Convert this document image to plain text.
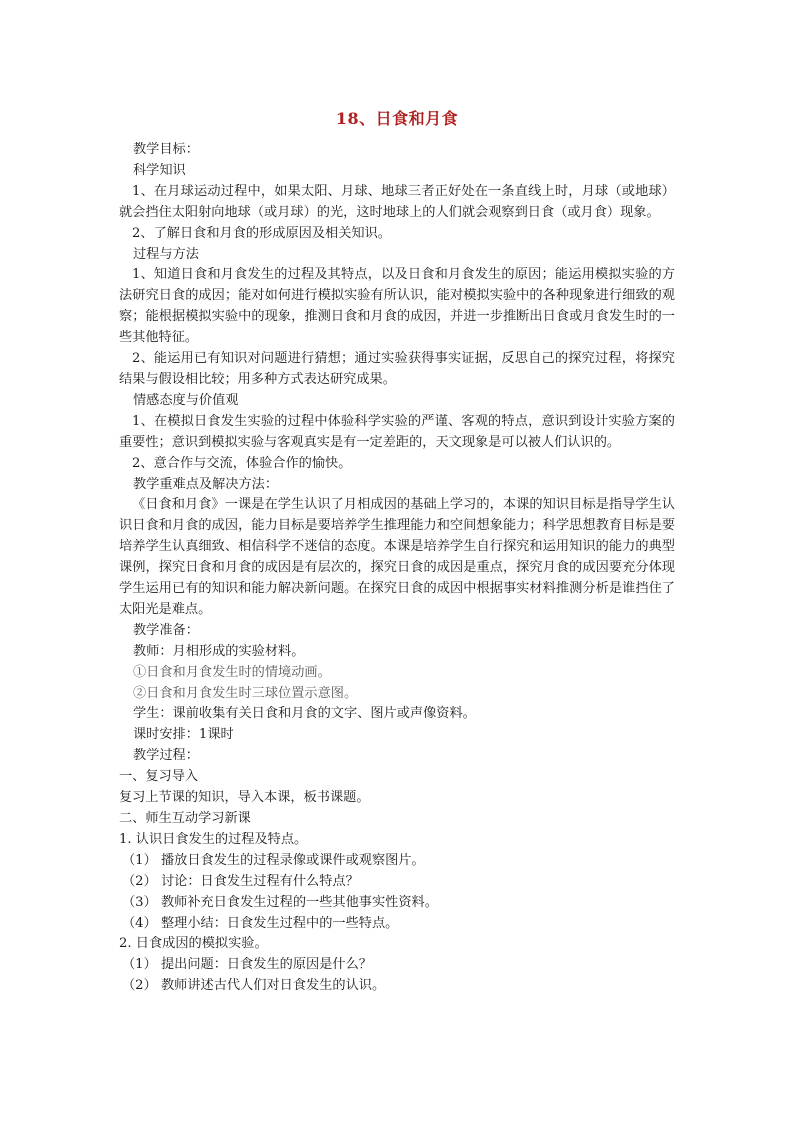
18、日食和月食

教学目标：

科学知识

1、在月球运动过程中，如果太阳、月球、地球三者正好处在一条直线上时，月球（或地球）就会挡住太阳射向地球（或月球）的光，这时地球上的人们就会观察到日食（或月食）现象。

2、了解日食和月食的形成原因及相关知识。

过程与方法

1、知道日食和月食发生的过程及其特点，以及日食和月食发生的原因；能运用模拟实验的方法研究日食的成因；能对如何进行模拟实验有所认识，能对模拟实验中的各种现象进行细致的观察；能根据模拟实验中的现象，推测日食和月食的成因，并进一步推断出日食或月食发生时的一些其他特征。

2、能运用已有知识对问题进行猜想；通过实验获得事实证据，反思自己的探究过程，将探究结果与假设相比较；用多种方式表达研究成果。

情感态度与价值观

1、在模拟日食发生实验的过程中体验科学实验的严谨、客观的特点，意识到设计实验方案的重要性；意识到模拟实验与客观真实是有一定差距的，天文现象是可以被人们认识的。

2、意合作与交流，体验合作的愉快。

教学重难点及解决方法：

《日食和月食》一课是在学生认识了月相成因的基础上学习的，本课的知识目标是指导学生认识日食和月食的成因，能力目标是要培养学生推理能力和空间想象能力；科学思想教育目标是要培养学生认真细致、相信科学不迷信的态度。本课是培养学生自行探究和运用知识的能力的典型课例，探究日食和月食的成因是有层次的，探究日食的成因是重点，探究月食的成因要充分体现学生运用已有的知识和能力解决新问题。在探究日食的成因中根据事实材料推测分析是谁挡住了太阳光是难点。

教学准备：

教师：月相形成的实验材料。

①日食和月食发生时的情境动画。

②日食和月食发生时三球位置示意图。

学生：课前收集有关日食和月食的文字、图片或声像资料。

课时安排：1课时

教学过程：

一、复习导入

复习上节课的知识，导入本课，板书课题。

二、师生互动学习新课

1. 认识日食发生的过程及特点。

（1） 播放日食发生的过程录像或课件或观察图片。

（2） 讨论：日食发生过程有什么特点？

（3） 教师补充日食发生过程的一些其他事实性资料。

（4） 整理小结：日食发生过程中的一些特点。

2. 日食成因的模拟实验。

（1） 提出问题：日食发生的原因是什么？

（2） 教师讲述古代人们对日食发生的认识。
